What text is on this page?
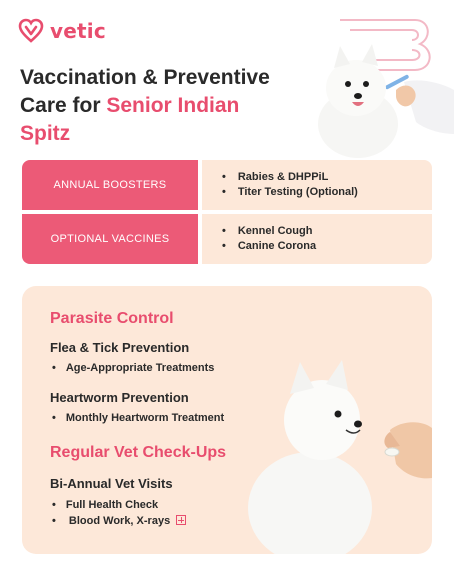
vetic
Vaccination & Preventive
Care for Senior Indian
Spitz
ANNUAL BOOSTERS
• Rabies & DHPPiL
• Titer Testing (Optional)
OPTIONAL VACCINES
• Kennel Cough
• Canine Corona
Parasite Control
Flea & Tick Prevention
• Age-Appropriate Treatments
Heartworm Prevention
• Monthly Heartworm Treatment
Regular Vet Check-Ups
Bi-Annual Vet Visits
• Full Health Check
• Blood Work, X-rays
